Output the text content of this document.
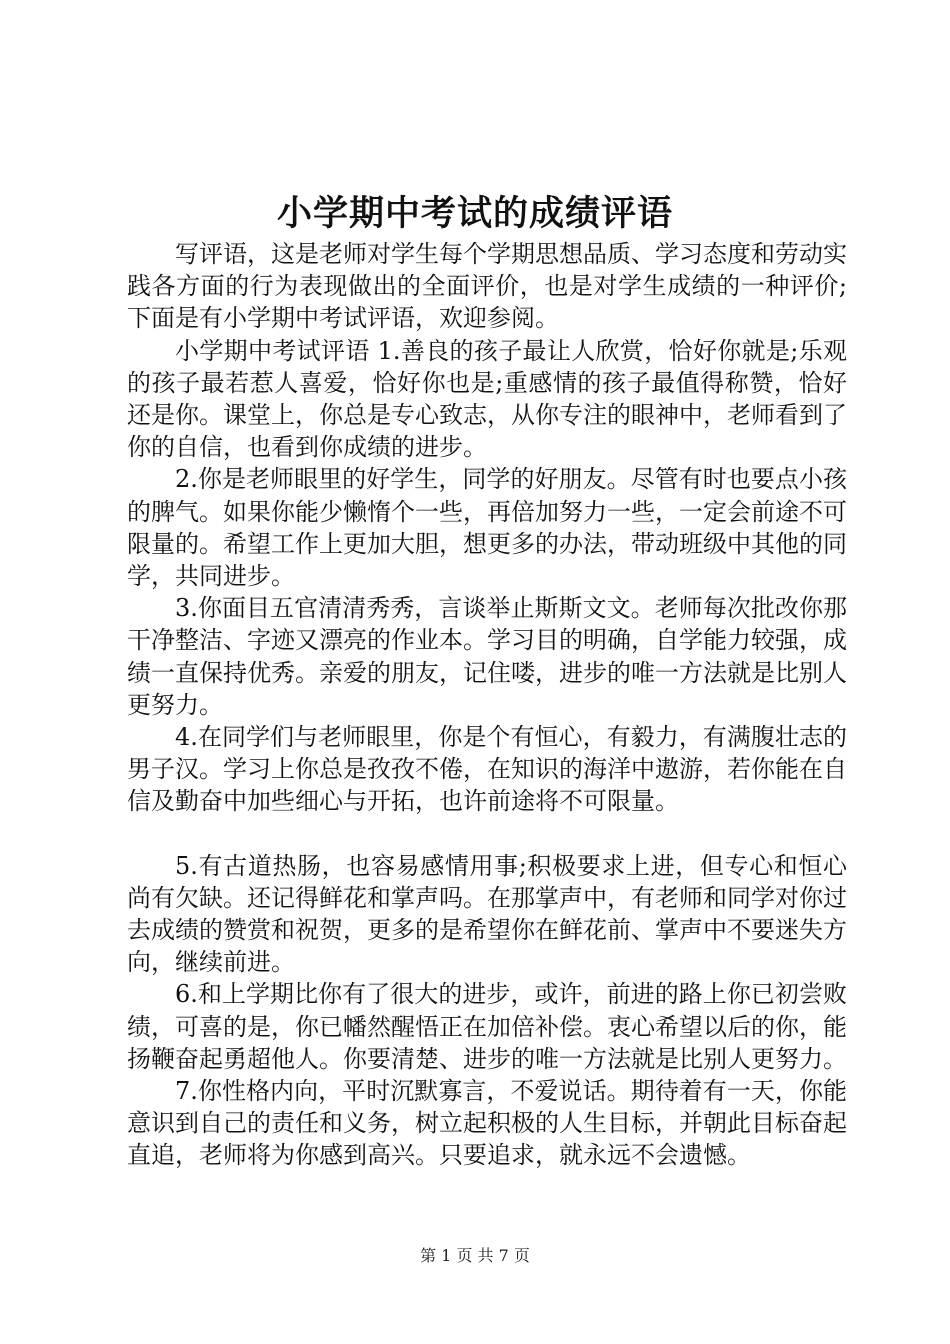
小学期中考试的成绩评语

写评语，这是老师对学生每个学期思想品质、学习态度和劳动实践各方面的行为表现做出的全面评价，也是对学生成绩的一种评价;下面是有小学期中考试评语，欢迎参阅。

小学期中考试评语 1.善良的孩子最让人欣赏，恰好你就是;乐观的孩子最若惹人喜爱，恰好你也是;重感情的孩子最值得称赞，恰好还是你。课堂上，你总是专心致志，从你专注的眼神中，老师看到了你的自信，也看到你成绩的进步。

2.你是老师眼里的好学生，同学的好朋友。尽管有时也要点小孩的脾气。如果你能少懒惰个一些，再倍加努力一些，一定会前途不可限量的。希望工作上更加大胆，想更多的办法，带动班级中其他的同学，共同进步。

3.你面目五官清清秀秀，言谈举止斯斯文文。老师每次批改你那干净整洁、字迹又漂亮的作业本。学习目的明确，自学能力较强，成绩一直保持优秀。亲爱的朋友，记住喽，进步的唯一方法就是比别人更努力。

4.在同学们与老师眼里，你是个有恒心，有毅力，有满腹壮志的男子汉。学习上你总是孜孜不倦，在知识的海洋中遨游，若你能在自信及勤奋中加些细心与开拓，也许前途将不可限量。

5.有古道热肠，也容易感情用事;积极要求上进，但专心和恒心尚有欠缺。还记得鲜花和掌声吗。在那掌声中，有老师和同学对你过去成绩的赞赏和祝贺，更多的是希望你在鲜花前、掌声中不要迷失方向，继续前进。

6.和上学期比你有了很大的进步，或许，前进的路上你已初尝败绩，可喜的是，你已幡然醒悟正在加倍补偿。衷心希望以后的你，能扬鞭奋起勇超他人。你要清楚、进步的唯一方法就是比别人更努力。

7.你性格内向，平时沉默寡言，不爱说话。期待着有一天，你能意识到自己的责任和义务，树立起积极的人生目标，并朝此目标奋起直追，老师将为你感到高兴。只要追求，就永远不会遗憾。

第 1 页 共 7 页
